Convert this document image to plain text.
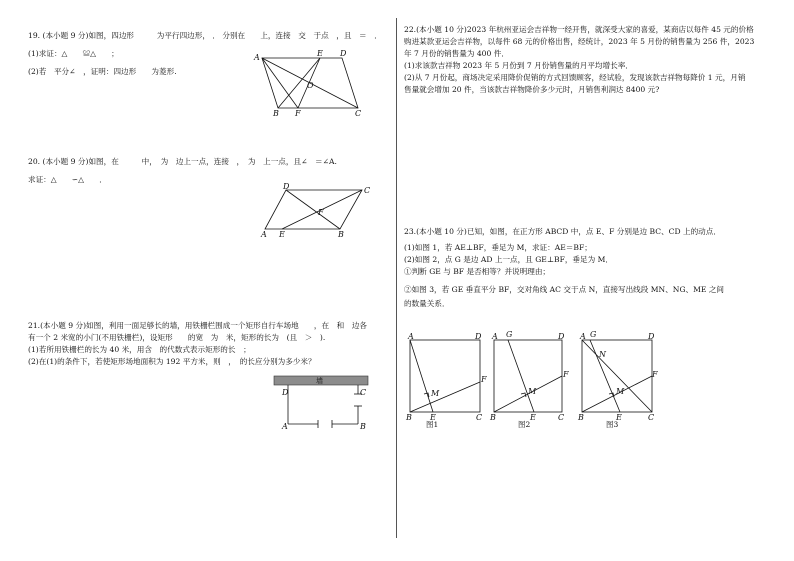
19. (本小题 9 分)如图，四边形　　　为平行四边形， ． 分别在　　上，连接　交　于点　，且　＝　．
(1)求证：△　　≌△　　；
(2)若　平分∠　，证明：四边形　　为菱形.
A	E D
O
B F	C
20. (本小题 9 分)如图，在　　　中，　为　边上一点，连接　，　为　上一点，且∠　＝∠A.
求证：△　　∽△　　．
D	C
F
A E	B
21.(本小题 9 分)如图，利用一面足够长的墙，用铁栅栏围成一个矩形自行车场地　　，在　和　边各
有一个 2 米宽的小门(不用铁栅栏)，设矩形　　的宽　为　米，矩形的长为　(且　＞　).
(1)若所用铁栅栏的长为 40 米，用含　的代数式表示矩形的长　；
(2)在(1)的条件下，若使矩形场地面积为 192 平方米，则　，　的长应分别为多少米？
墙
D	C
A	B
22.(本小题 10 分)2023 年杭州亚运会吉祥物一经开售，就深受大家的喜爱，某商店以每件 45 元的价格
购进某款亚运会吉祥物，以每件 68 元的价格出售，经统计，2023 年 5 月份的销售量为 256 件，2023
年 7 月份的销售量为 400 件．
(1)求该款吉祥物 2023 年 5 月份到 7 月份销售量的月平均增长率．
(2)从 7 月份起，商场决定采用降价促销的方式回馈顾客，经试验，发现该款吉祥物每降价 1 元，月销
售量就会增加 20 件，当该款吉祥物降价多少元时，月销售利润达 8400 元?
23.(本小题 10 分)已知，如图，在正方形 ABCD 中，点 E、F 分别是边 BC、CD 上的动点．
(1)如图 1，若 AE⊥BF，垂足为 M，求证：AE＝BF；
(2)如图 2，点 G 是边 AD 上一点，且 GE⊥BF，垂足为 M．
①判断 GE 与 BF 是否相等？并说明理由；
②如图 3，若 GE 垂直平分 BF，交对角线 AC 交于点 N，直接写出线段 MN、NG、ME 之间
的数量关系．
A	D
F
M
B E	C
图1
A G	D
F
M
B	E	C
图2
A G	D
N
F
M
B	E	C
图3
